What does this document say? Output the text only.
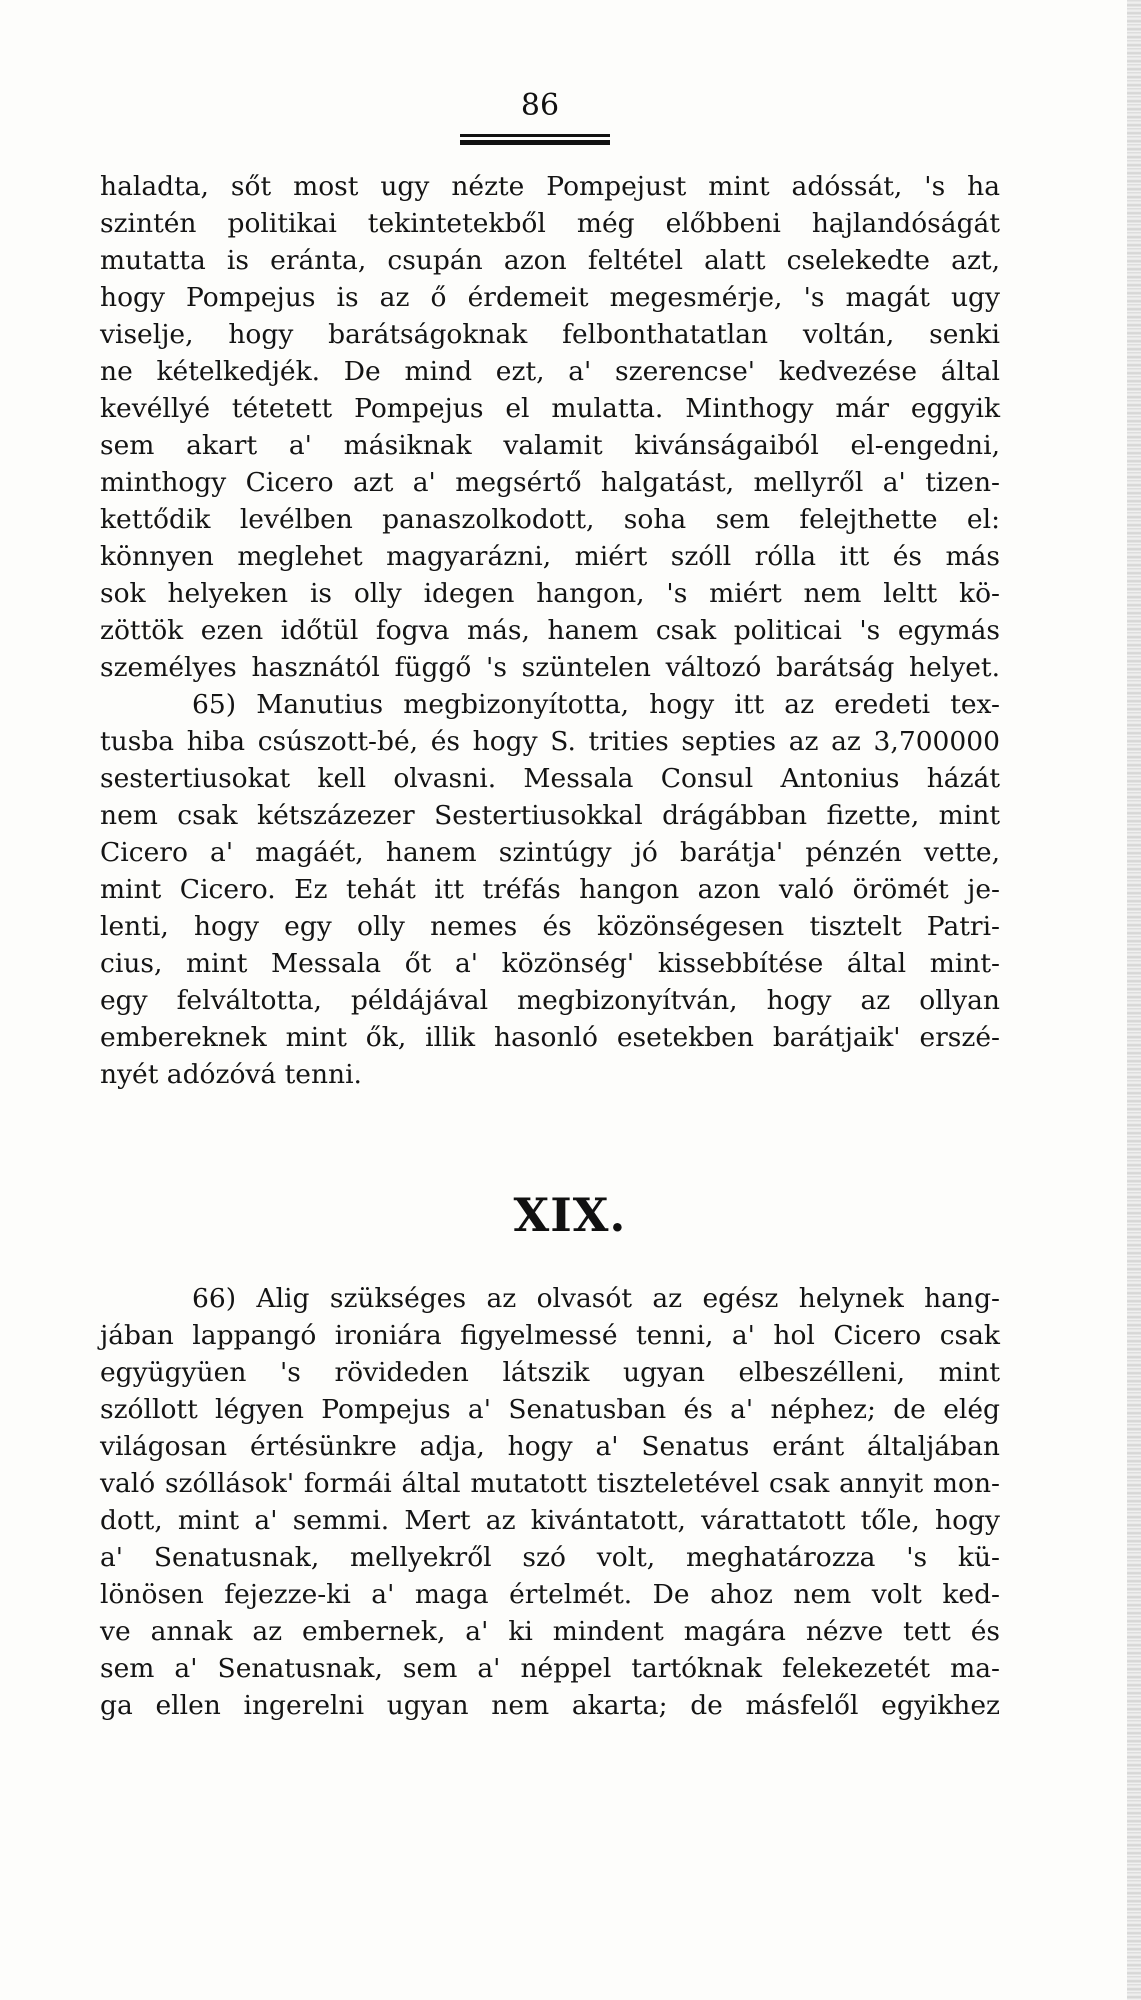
86
haladta, sőt most ugy nézte Pompejust mint adóssát, 's ha
szintén politikai tekintetekből még előbbeni hajlandóságát
mutatta is eránta, csupán azon feltétel alatt cselekedte azt,
hogy Pompejus is az ő érdemeit megesmérje, 's magát ugy
viselje, hogy barátságoknak felbonthatatlan voltán, senki
ne kételkedjék. De mind ezt, a' szerencse' kedvezése által
kevéllyé tétetett Pompejus el mulatta. Minthogy már eggyik
sem akart a' másiknak valamit kivánságaiból el-engedni,
minthogy Cicero azt a' megsértő halgatást, mellyről a' tizen-
kettődik levélben panaszolkodott, soha sem felejthette el:
könnyen meglehet magyarázni, miért szóll rólla itt és más
sok helyeken is olly idegen hangon, 's miért nem leltt kö-
zöttök ezen időtül fogva más, hanem csak politicai 's egymás
személyes hasznától függő 's szüntelen változó barátság helyet.
65) Manutius megbizonyította, hogy itt az eredeti tex-
tusba hiba csúszott-bé, és hogy S. trities septies az az 3,700000
sestertiusokat kell olvasni. Messala Consul Antonius házát
nem csak kétszázezer Sestertiusokkal drágábban fizette, mint
Cicero a' magáét, hanem szintúgy jó barátja' pénzén vette,
mint Cicero. Ez tehát itt tréfás hangon azon való örömét je-
lenti, hogy egy olly nemes és közönségesen tisztelt Patri-
cius, mint Messala őt a' közönség' kissebbítése által mint-
egy felváltotta, példájával megbizonyítván, hogy az ollyan
embereknek mint ők, illik hasonló esetekben barátjaik' erszé-
nyét adózóvá tenni.
XIX.
66) Alig szükséges az olvasót az egész helynek hang-
jában lappangó ironiára figyelmessé tenni, a' hol Cicero csak
együgyüen 's rövideden látszik ugyan elbeszélleni, mint
szóllott légyen Pompejus a' Senatusban és a' néphez; de elég
világosan értésünkre adja, hogy a' Senatus eránt általjában
való szóllások' formái által mutatott tiszteletével csak annyit mon-
dott, mint a' semmi. Mert az kivántatott, várattatott tőle, hogy
a' Senatusnak, mellyekről szó volt, meghatározza 's kü-
lönösen fejezze-ki a' maga értelmét. De ahoz nem volt ked-
ve annak az embernek, a' ki mindent magára nézve tett és
sem a' Senatusnak, sem a' néppel tartóknak felekezetét ma-
ga ellen ingerelni ugyan nem akarta; de másfelől egyikhez
